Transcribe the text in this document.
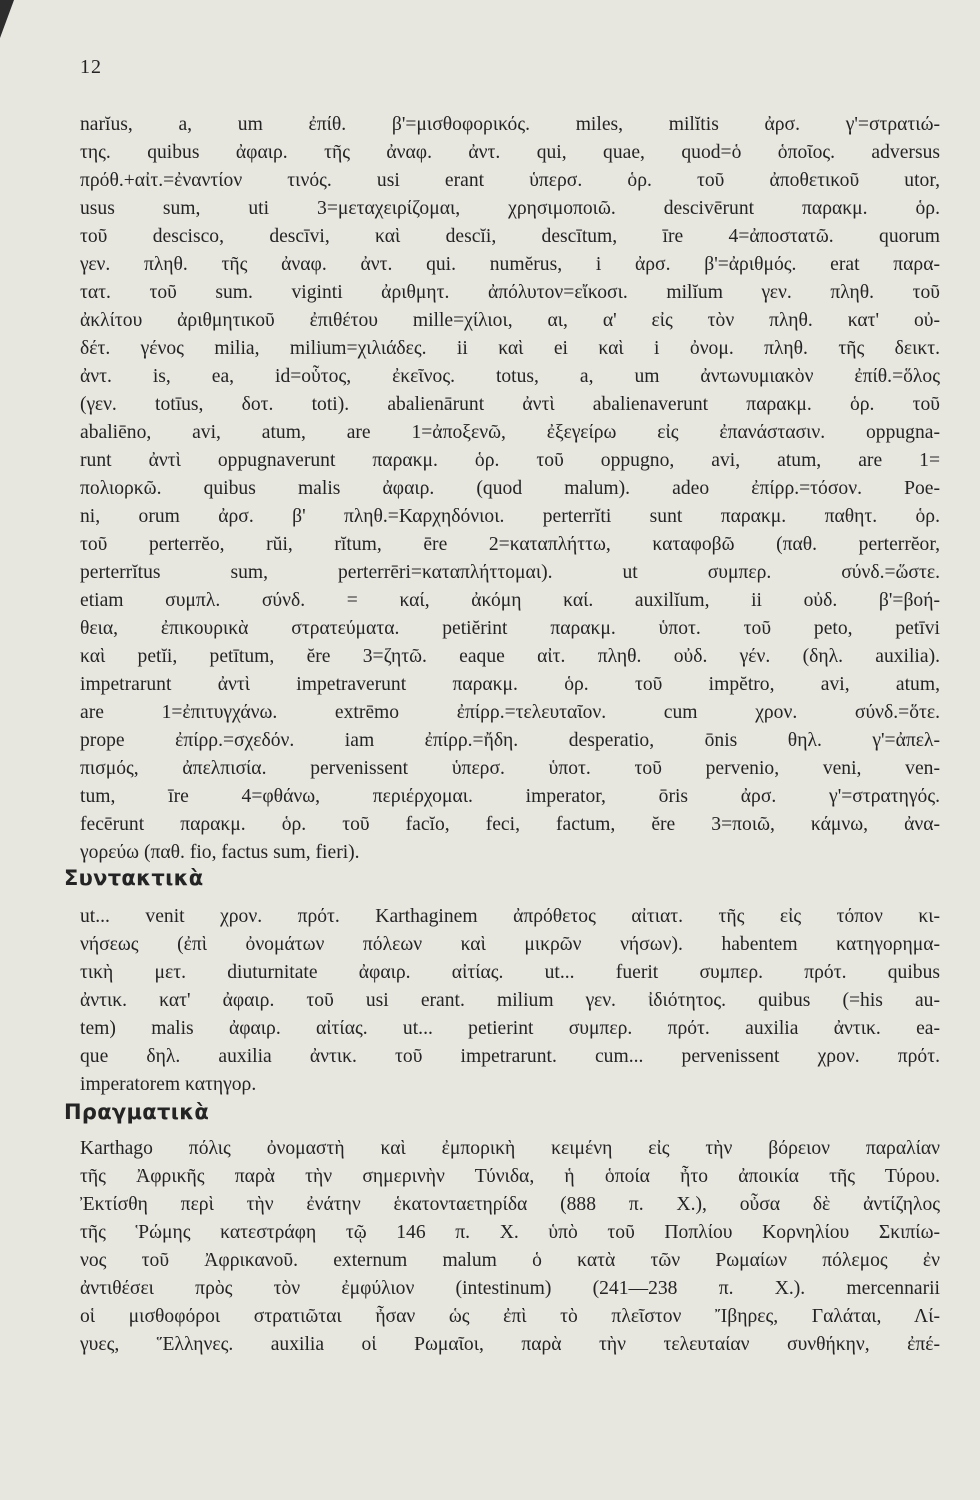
12
narĭus, a, um ἐπίθ. β'=μισθοφορικός. miles, milĭtis ἀρσ. γ'=στρατιώ-
της. quibus ἀφαιρ. τῆς ἀναφ. ἀντ. qui, quae, quod=ὁ ὁποῖος. adversus
πρόθ.+αἰτ.=ἐναντίον τινός. usi erant ὑπερσ. ὁρ. τοῦ ἀποθετικοῦ utor,
usus sum, uti 3=μεταχειρίζομαι, χρησιμοποιῶ. descivērunt παρακμ. ὁρ.
τοῦ descisco, descīvi, καὶ descĭi, descītum, īre 4=ἀποστατῶ. quorum
γεν. πληθ. τῆς ἀναφ. ἀντ. qui. numĕrus, i ἀρσ. β'=ἀριθμός. erat παρα-
τατ. τοῦ sum. viginti ἀριθμητ. ἀπόλυτον=εἴκοσι. milĭum γεν. πληθ. τοῦ
ἀκλίτου ἀριθμητικοῦ ἐπιθέτου mille=χίλιοι, αι, α' εἰς τὸν πληθ. κατ' οὐ-
δέτ. γένος milia, milium=χιλιάδες. ii καὶ ei καὶ i ὀνομ. πληθ. τῆς δεικτ.
ἀντ. is, ea, id=οὗτος, ἐκεῖνος. totus, a, um ἀντωνυμιακὸν ἐπίθ.=ὅλος
(γεν. totīus, δοτ. toti). abalienārunt ἀντὶ abalienaverunt παρακμ. ὁρ. τοῦ
abaliēno, avi, atum, are 1=ἀποξενῶ, ἐξεγείρω εἰς ἐπανάστασιν. oppugna-
runt ἀντὶ oppugnaverunt παρακμ. ὁρ. τοῦ oppugno, avi, atum, are 1=
πολιορκῶ. quibus malis ἀφαιρ. (quod malum). adeo ἐπίρρ.=τόσον. Poe-
ni, orum ἀρσ. β' πληθ.=Καρχηδόνιοι. perterrĭti sunt παρακμ. παθητ. ὁρ.
τοῦ perterrĕo, rŭi, rĭtum, ēre 2=καταπλήττω, καταφοβῶ (παθ. perterrĕor,
perterrĭtus sum, perterrēri=καταπλήττομαι). ut συμπερ. σύνδ.=ὥστε.
etiam συμπλ. σύνδ. = καί, ἀκόμη καί. auxilĭum, ii οὐδ. β'=βοή-
θεια, ἐπικουρικὰ στρατεύματα. petiĕrint παρακμ. ὑποτ. τοῦ peto, petīvi
καὶ petĭi, petītum, ĕre 3=ζητῶ. eaque αἰτ. πληθ. οὐδ. γέν. (δηλ. auxilia).
impetrarunt ἀντὶ impetraverunt παρακμ. ὁρ. τοῦ impĕtro, avi, atum,
are 1=ἐπιτυγχάνω. extrēmo ἐπίρρ.=τελευταῖον. cum χρον. σύνδ.=ὅτε.
prope ἐπίρρ.=σχεδόν. iam ἐπίρρ.=ἤδη. desperatio, ōnis θηλ. γ'=ἀπελ-
πισμός, ἀπελπισία. pervenissent ὑπερσ. ὑποτ. τοῦ pervenio, veni, ven-
tum, īre 4=φθάνω, περιέρχομαι. imperator, ōris ἀρσ. γ'=στρατηγός.
fecērunt παρακμ. ὁρ. τοῦ facĭo, feci, factum, ĕre 3=ποιῶ, κάμνω, ἀνα-
γορεύω (παθ. fio, factus sum, fieri).
Συντακτικὰ
ut... venit χρον. πρότ. Karthaginem ἀπρόθετος αἰτιατ. τῆς εἰς τόπον κι-
νήσεως (ἐπὶ ὀνομάτων πόλεων καὶ μικρῶν νήσων). habentem κατηγορημα-
τικὴ μετ. diuturnitate ἀφαιρ. αἰτίας. ut... fuerit συμπερ. πρότ. quibus
ἀντικ. κατ' ἀφαιρ. τοῦ usi erant. milium γεν. ἰδιότητος. quibus (=his au-
tem) malis ἀφαιρ. αἰτίας. ut... petierint συμπερ. πρότ. auxilia ἀντικ. ea-
que δηλ. auxilia ἀντικ. τοῦ impetrarunt. cum... pervenissent χρον. πρότ.
imperatorem κατηγορ.
Πραγματικὰ
Karthago πόλις ὀνομαστὴ καὶ ἐμπορικὴ κειμένη εἰς τὴν βόρειον παραλίαν
τῆς Ἀφρικῆς παρὰ τὴν σημερινὴν Τύνιδα, ἡ ὁποία ἦτο ἀποικία τῆς Τύρου.
Ἐκτίσθη περὶ τὴν ἐνάτην ἑκατονταετηρίδα (888 π. Χ.), οὖσα δὲ ἀντίζηλος
τῆς Ῥώμης κατεστράφη τῷ 146 π. Χ. ὑπὸ τοῦ Ποπλίου Κορνηλίου Σκιπίω-
νος τοῦ Ἀφρικανοῦ. externum malum ὁ κατὰ τῶν Ρωμαίων πόλεμος ἐν
ἀντιθέσει πρὸς τὸν ἐμφύλιον (intestinum) (241—238 π. Χ.). mercennarii
οἱ μισθοφόροι στρατιῶται ἦσαν ὡς ἐπὶ τὸ πλεῖστον Ἴβηρες, Γαλάται, Λί-
γυες, Ἕλληνες. auxilia οἱ Ρωμαῖοι, παρὰ τὴν τελευταίαν συνθήκην, ἐπέ-
